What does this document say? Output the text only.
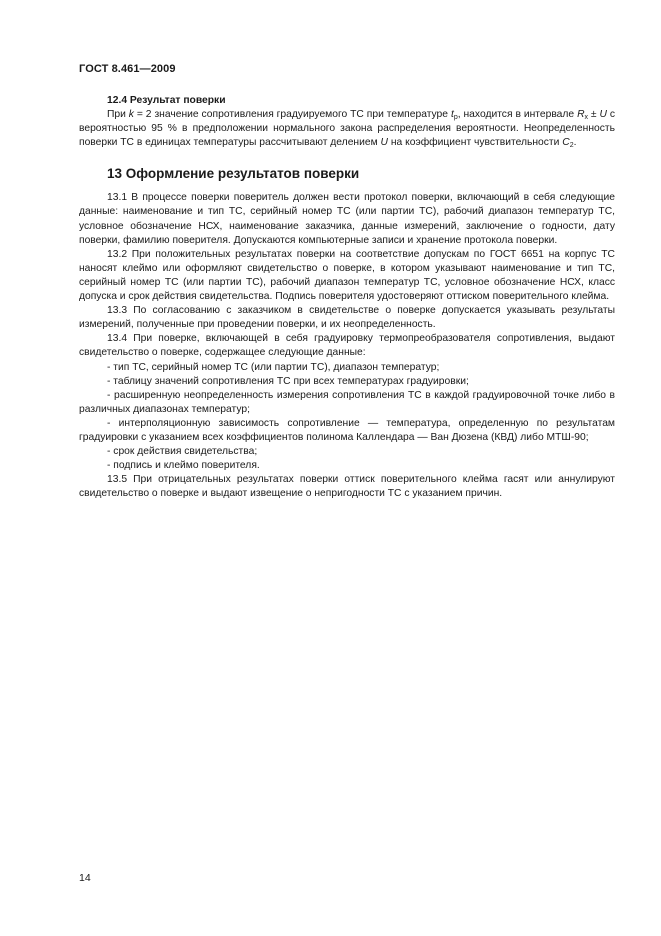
ГОСТ 8.461—2009
12.4 Результат поверки

При k = 2 значение сопротивления градуируемого ТС при температуре $t_р$, находится в интервале $R_x \pm U$ с вероятностью 95 % в предположении нормального закона распределения вероятности. Неопределенность поверки ТС в единицах температуры рассчитывают делением U на коэффициент чувствительности $C_2$.

13 Оформление результатов поверки

13.1 В процессе поверки поверитель должен вести протокол поверки, включающий в себя следующие данные: наименование и тип ТС, серийный номер ТС (или партии ТС), рабочий диапазон температур ТС, условное обозначение НСХ, наименование заказчика, данные измерений, заключение о годности, дату поверки, фамилию поверителя. Допускаются компьютерные записи и хранение протокола поверки.

13.2 При положительных результатах поверки на соответствие допускам по ГОСТ 6651 на корпус ТС наносят клеймо или оформляют свидетельство о поверке, в котором указывают наименование и тип ТС, серийный номер ТС (или партии ТС), рабочий диапазон температур ТС, условное обозначение НСХ, класс допуска и срок действия свидетельства. Подпись поверителя удостоверяют оттиском поверительного клейма.

13.3 По согласованию с заказчиком в свидетельстве о поверке допускается указывать результаты измерений, полученные при проведении поверки, и их неопределенность.

13.4 При поверке, включающей в себя градуировку термопреобразователя сопротивления, выдают свидетельство о поверке, содержащее следующие данные:

- тип ТС, серийный номер ТС (или партии ТС), диапазон температур;

- таблицу значений сопротивления ТС при всех температурах градуировки;

- расширенную неопределенность измерения сопротивления ТС в каждой градуировочной точке либо в различных диапазонах температур;

- интерполяционную зависимость сопротивление — температура, определенную по результатам градуировки с указанием всех коэффициентов полинома Каллендара — Ван Дюзена (КВД) либо МТШ-90;

- срок действия свидетельства;

- подпись и клеймо поверителя.

13.5 При отрицательных результатах поверки оттиск поверительного клейма гасят или аннулируют свидетельство о поверке и выдают извещение о непригодности ТС с указанием причин.

14
